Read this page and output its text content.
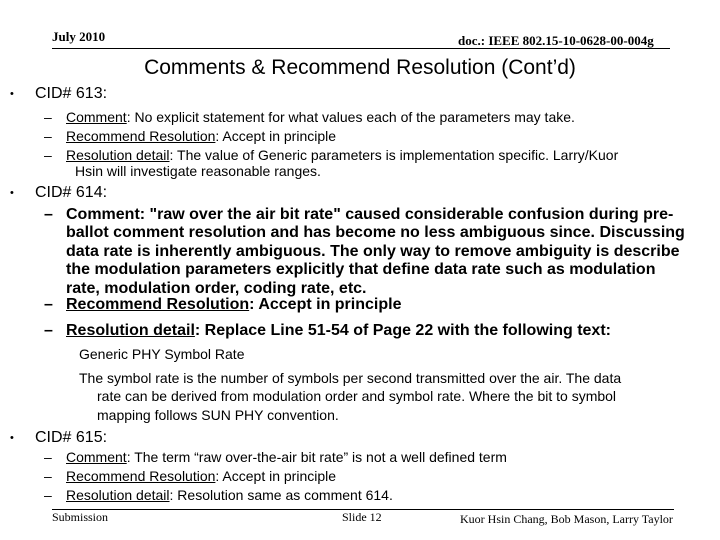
July 2010	doc.: IEEE 802.15-10-0628-00-004g
Comments & Recommend Resolution (Cont’d)
• CID# 613:
– Comment: No explicit statement for what values each of the parameters may take.
– Recommend Resolution: Accept in principle
– Resolution detail: The value of Generic parameters is implementation specific. Larry/Kuor
Hsin will investigate reasonable ranges.
• CID# 614:
– Comment: "raw over the air bit rate" caused considerable confusion during pre-
ballot comment resolution and has become no less ambiguous since. Discussing
data rate is inherently ambiguous. The only way to remove ambiguity is describe
the modulation parameters explicitly that define data rate such as modulation
rate, modulation order, coding rate, etc.
– Recommend Resolution: Accept in principle
– Resolution detail: Replace Line 51-54 of Page 22 with the following text:
Generic PHY Symbol Rate
The symbol rate is the number of symbols per second transmitted over the air. The data
rate can be derived from modulation order and symbol rate. Where the bit to symbol
mapping follows SUN PHY convention.
• CID# 615:
– Comment: The term “raw over-the-air bit rate” is not a well defined term
– Recommend Resolution: Accept in principle
– Resolution detail: Resolution same as comment 614.
Submission	Slide 12	Kuor Hsin Chang, Bob Mason, Larry Taylor
